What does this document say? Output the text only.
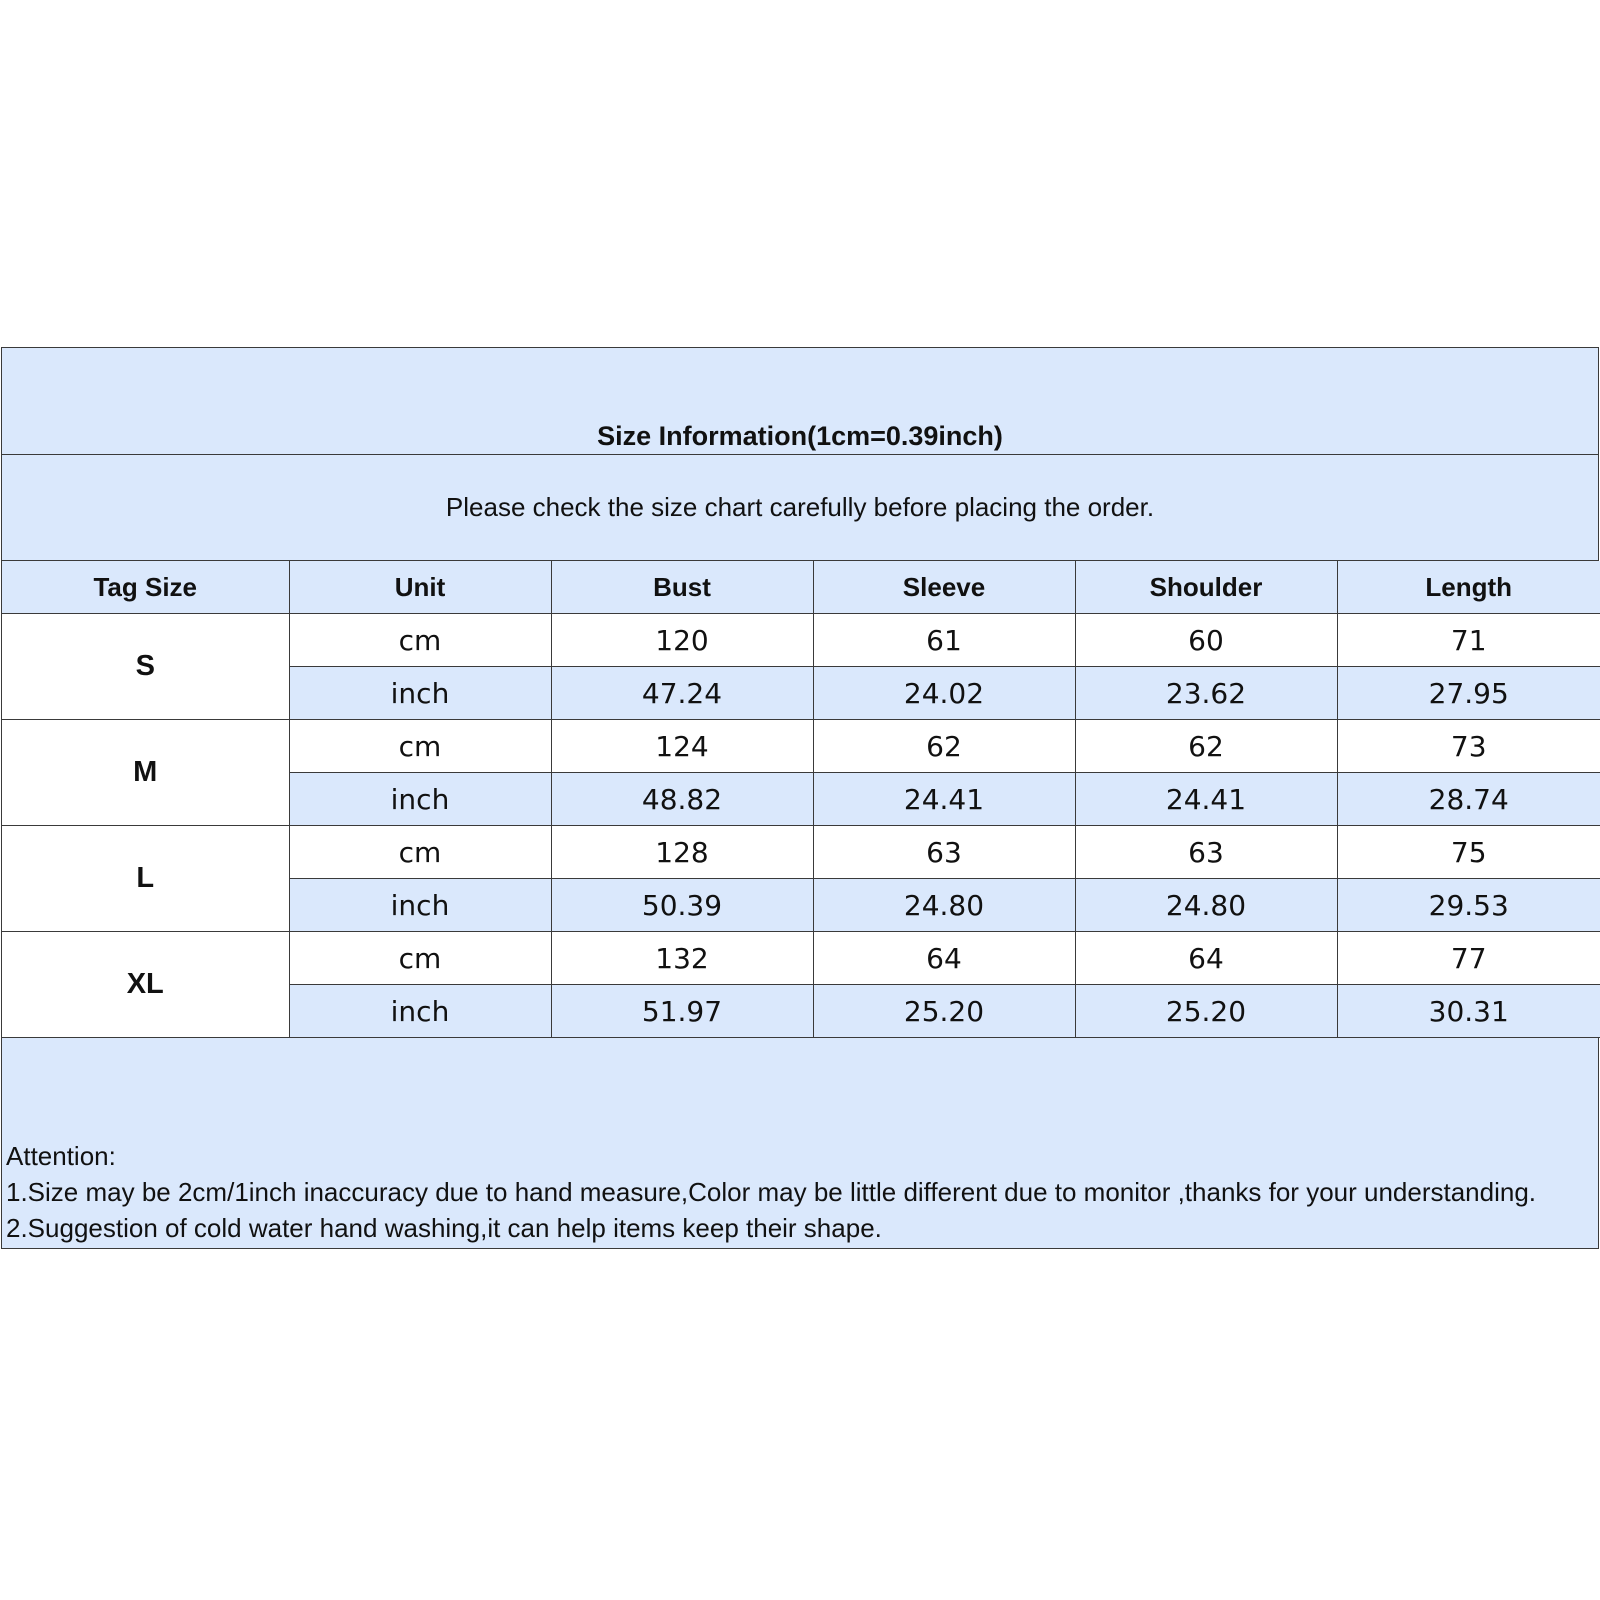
Size Information(1cm=0.39inch)
Please check the size chart carefully before placing the order.
Tag Size	Unit	Bust	Sleeve	Shoulder	Length
S	cm	120	61	60	71
	inch	47.24	24.02	23.62	27.95
M	cm	124	62	62	73
	inch	48.82	24.41	24.41	28.74
L	cm	128	63	63	75
	inch	50.39	24.80	24.80	29.53
XL	cm	132	64	64	77
	inch	51.97	25.20	25.20	30.31
Attention:
1.Size may be 2cm/1inch inaccuracy due to hand measure,Color may be little different due to monitor ,thanks for your understanding.
2.Suggestion of cold water hand washing,it can help items keep their shape.
